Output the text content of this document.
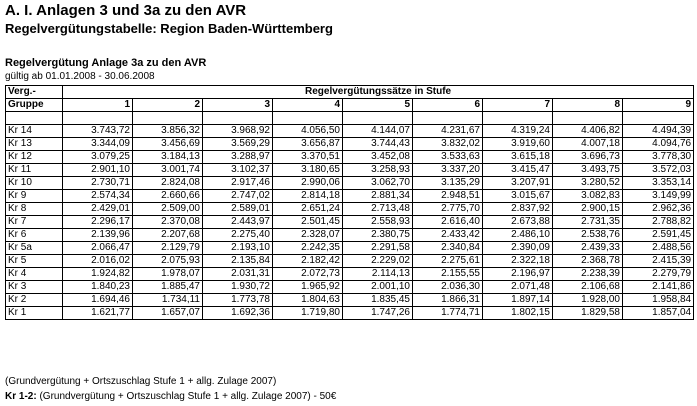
A. I. Anlagen 3 und 3a zu den AVR
Regelvergütungstabelle: Region Baden-Württemberg
Regelvergütung Anlage 3a zu den AVR
gültig ab 01.01.2008 - 30.06.2008
Verg.-	Regelvergütungssätze in Stufe								
Gruppe	1	2	3	4	5	6	7	8	9

Kr 14	3.743,72	3.856,32	3.968,92	4.056,50	4.144,07	4.231,67	4.319,24	4.406,82	4.494,39
Kr 13	3.344,09	3.456,69	3.569,29	3.656,87	3.744,43	3.832,02	3.919,60	4.007,18	4.094,76
Kr 12	3.079,25	3.184,13	3.288,97	3.370,51	3.452,08	3.533,63	3.615,18	3.696,73	3.778,30
Kr 11	2.901,10	3.001,74	3.102,37	3.180,65	3.258,93	3.337,20	3.415,47	3.493,75	3.572,03
Kr 10	2.730,71	2.824,08	2.917,46	2.990,06	3.062,70	3.135,29	3.207,91	3.280,52	3.353,14
Kr 9	2.574,34	2.660,66	2.747,02	2.814,18	2.881,34	2.948,51	3.015,67	3.082,83	3.149,99
Kr 8	2.429,01	2.509,00	2.589,01	2.651,24	2.713,48	2.775,70	2.837,92	2.900,15	2.962,36
Kr 7	2.296,17	2.370,08	2.443,97	2.501,45	2.558,93	2.616,40	2.673,88	2.731,35	2.788,82
Kr 6	2.139,96	2.207,68	2.275,40	2.328,07	2.380,75	2.433,42	2.486,10	2.538,76	2.591,45
Kr 5a	2.066,47	2.129,79	2.193,10	2.242,35	2.291,58	2.340,84	2.390,09	2.439,33	2.488,56
Kr 5	2.016,02	2.075,93	2.135,84	2.182,42	2.229,02	2.275,61	2.322,18	2.368,78	2.415,39
Kr 4	1.924,82	1.978,07	2.031,31	2.072,73	2.114,13	2.155,55	2.196,97	2.238,39	2.279,79
Kr 3	1.840,23	1.885,47	1.930,72	1.965,92	2.001,10	2.036,30	2.071,48	2.106,68	2.141,86
Kr 2	1.694,46	1.734,11	1.773,78	1.804,63	1.835,45	1.866,31	1.897,14	1.928,00	1.958,84
Kr 1	1.621,77	1.657,07	1.692,36	1.719,80	1.747,26	1.774,71	1.802,15	1.829,58	1.857,04
(Grundvergütung + Ortszuschlag Stufe 1 + allg. Zulage 2007)
Kr 1-2: (Grundvergütung + Ortszuschlag Stufe 1 + allg. Zulage 2007) - 50€
